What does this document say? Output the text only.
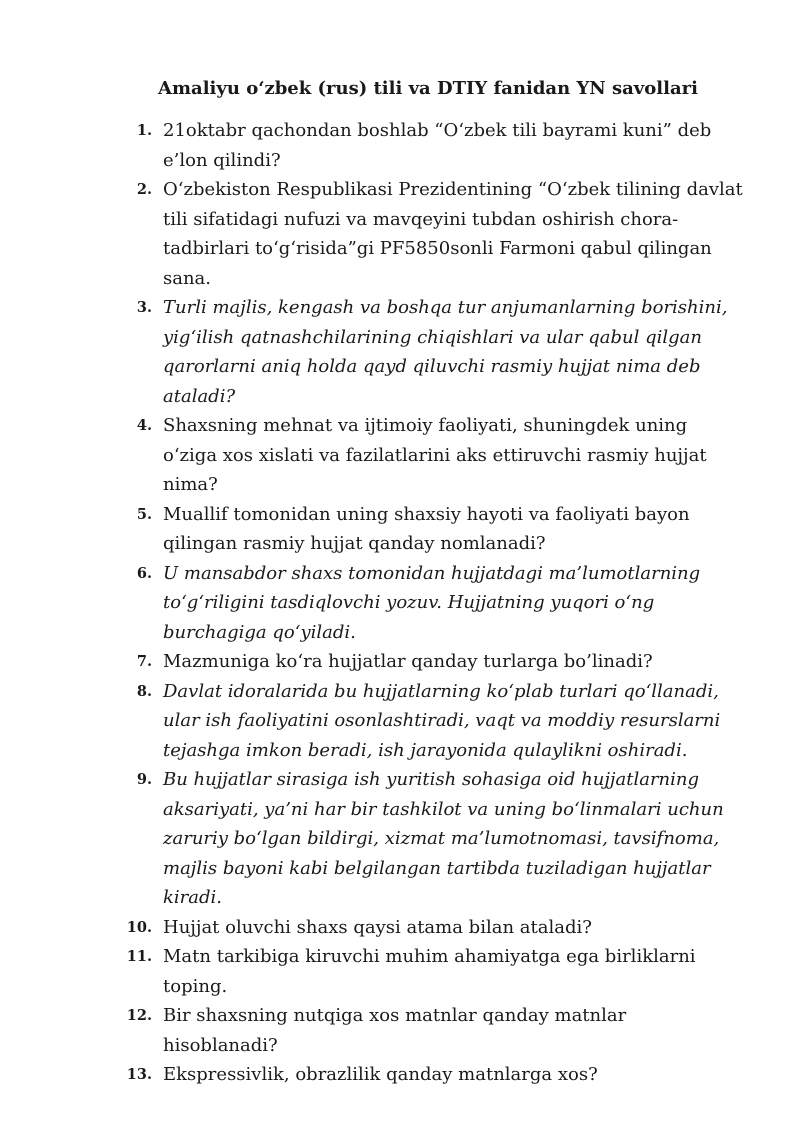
Amaliyu o‘zbek (rus) tili va DTIY fanidan YN savollari
1. 21oktabr qachondan boshlab “O‘zbek tili bayrami kuni” deb e’lon qilindi?
2. O‘zbekiston Respublikasi Prezidentining “O‘zbek tilining davlat tili sifatidagi nufuzi va mavqeyini tubdan oshirish chora-tadbirlari to‘g‘risida”gi PF5850sonli Farmoni qabul qilingan sana.
3. Turli majlis, kengash va boshqa tur anjumanlarning borishini, yig‘ilish qatnashchilarining chiqishlari va ular qabul qilgan qarorlarni aniq holda qayd qiluvchi rasmiy hujjat nima deb ataladi?
4. Shaxsning mehnat va ijtimoiy faoliyati, shuningdek uning o‘ziga xos xislati va fazilatlarini aks ettiruvchi rasmiy hujjat nima?
5. Muallif tomonidan uning shaxsiy hayoti va faoliyati bayon qilingan rasmiy hujjat qanday nomlanadi?
6. U mansabdor shaxs tomonidan hujjatdagi ma’lumotlarning to‘g‘riligini tasdiqlovchi yozuv. Hujjatning yuqori o‘ng burchagiga qo‘yiladi.
7. Mazmuniga ko‘ra hujjatlar qanday turlarga bo’linadi?
8. Davlat idoralarida bu hujjatlarning ko‘plab turlari qo‘llanadi, ular ish faoliyatini osonlashtiradi, vaqt va moddiy resurslarni tejashga imkon beradi, ish jarayonida qulaylikni oshiradi.
9. Bu hujjatlar sirasiga ish yuritish sohasiga oid hujjatlarning aksariyati, ya’ni har bir tashkilot va uning bo‘linmalari uchun zaruriy bo‘lgan bildirgi, xizmat ma’lumotnomasi, tavsifnoma, majlis bayoni kabi belgilangan tartibda tuziladigan hujjatlar kiradi.
10. Hujjat oluvchi shaxs qaysi atama bilan ataladi?
11. Matn tarkibiga kiruvchi muhim ahamiyatga ega birliklarni toping.
12. Bir shaxsning nutqiga xos matnlar qanday matnlar hisoblanadi?
13. Ekspressivlik, obrazlilik qanday matnlarga xos?
